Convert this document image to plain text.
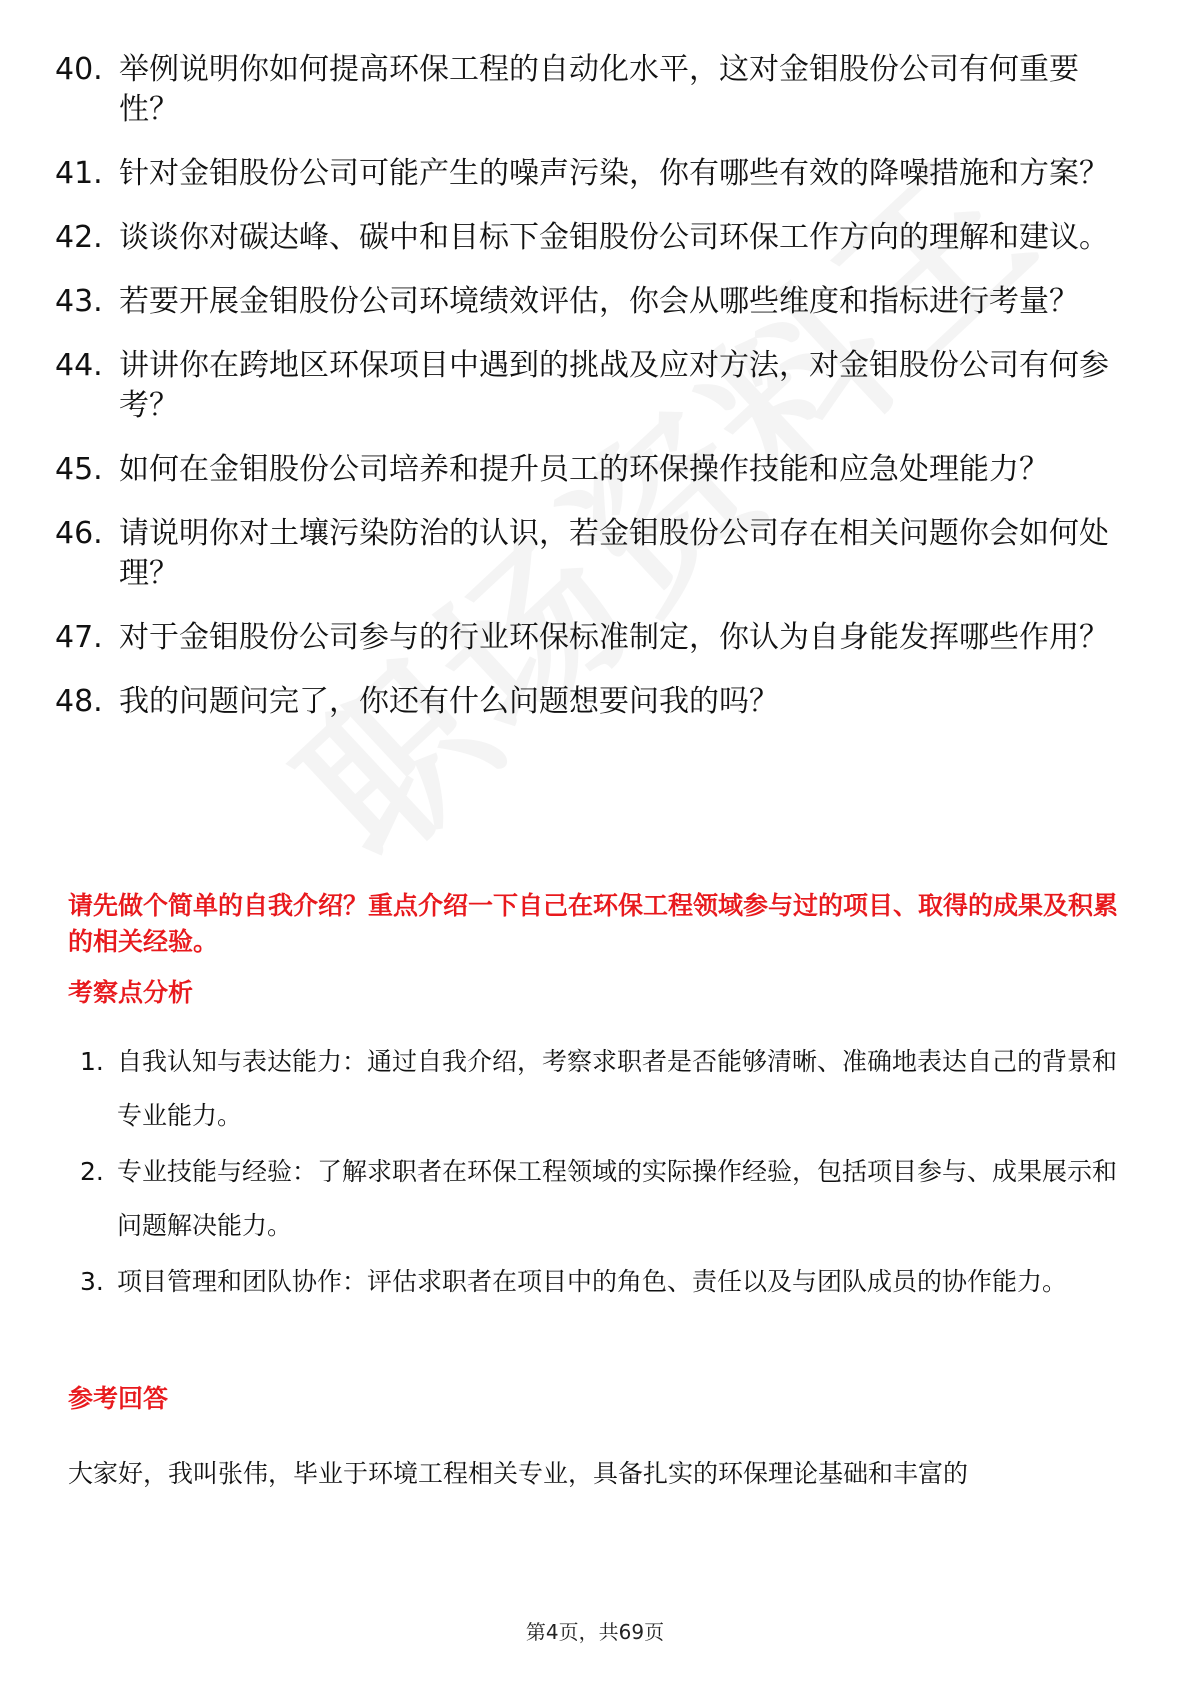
40. 举例说明你如何提高环保工程的自动化水平，这对金钼股份公司有何重要性？
41. 针对金钼股份公司可能产生的噪声污染，你有哪些有效的降噪措施和方案？
42. 谈谈你对碳达峰、碳中和目标下金钼股份公司环保工作方向的理解和建议。
43. 若要开展金钼股份公司环境绩效评估，你会从哪些维度和指标进行考量？
44. 讲讲你在跨地区环保项目中遇到的挑战及应对方法，对金钼股份公司有何参考？
45. 如何在金钼股份公司培养和提升员工的环保操作技能和应急处理能力？
46. 请说明你对土壤污染防治的认识，若金钼股份公司存在相关问题你会如何处理？
47. 对于金钼股份公司参与的行业环保标准制定，你认为自身能发挥哪些作用？
48. 我的问题问完了，你还有什么问题想要问我的吗？

请先做个简单的自我介绍？重点介绍一下自己在环保工程领域参与过的项目、取得的成果及积累的相关经验。

考察点分析

1. 自我认知与表达能力：通过自我介绍，考察求职者是否能够清晰、准确地表达自己的背景和专业能力。
2. 专业技能与经验：了解求职者在环保工程领域的实际操作经验，包括项目参与、成果展示和问题解决能力。
3. 项目管理和团队协作：评估求职者在项目中的角色、责任以及与团队成员的协作能力。

参考回答

大家好，我叫张伟，毕业于环境工程相关专业，具备扎实的环保理论基础和丰富的

第4页，共69页
